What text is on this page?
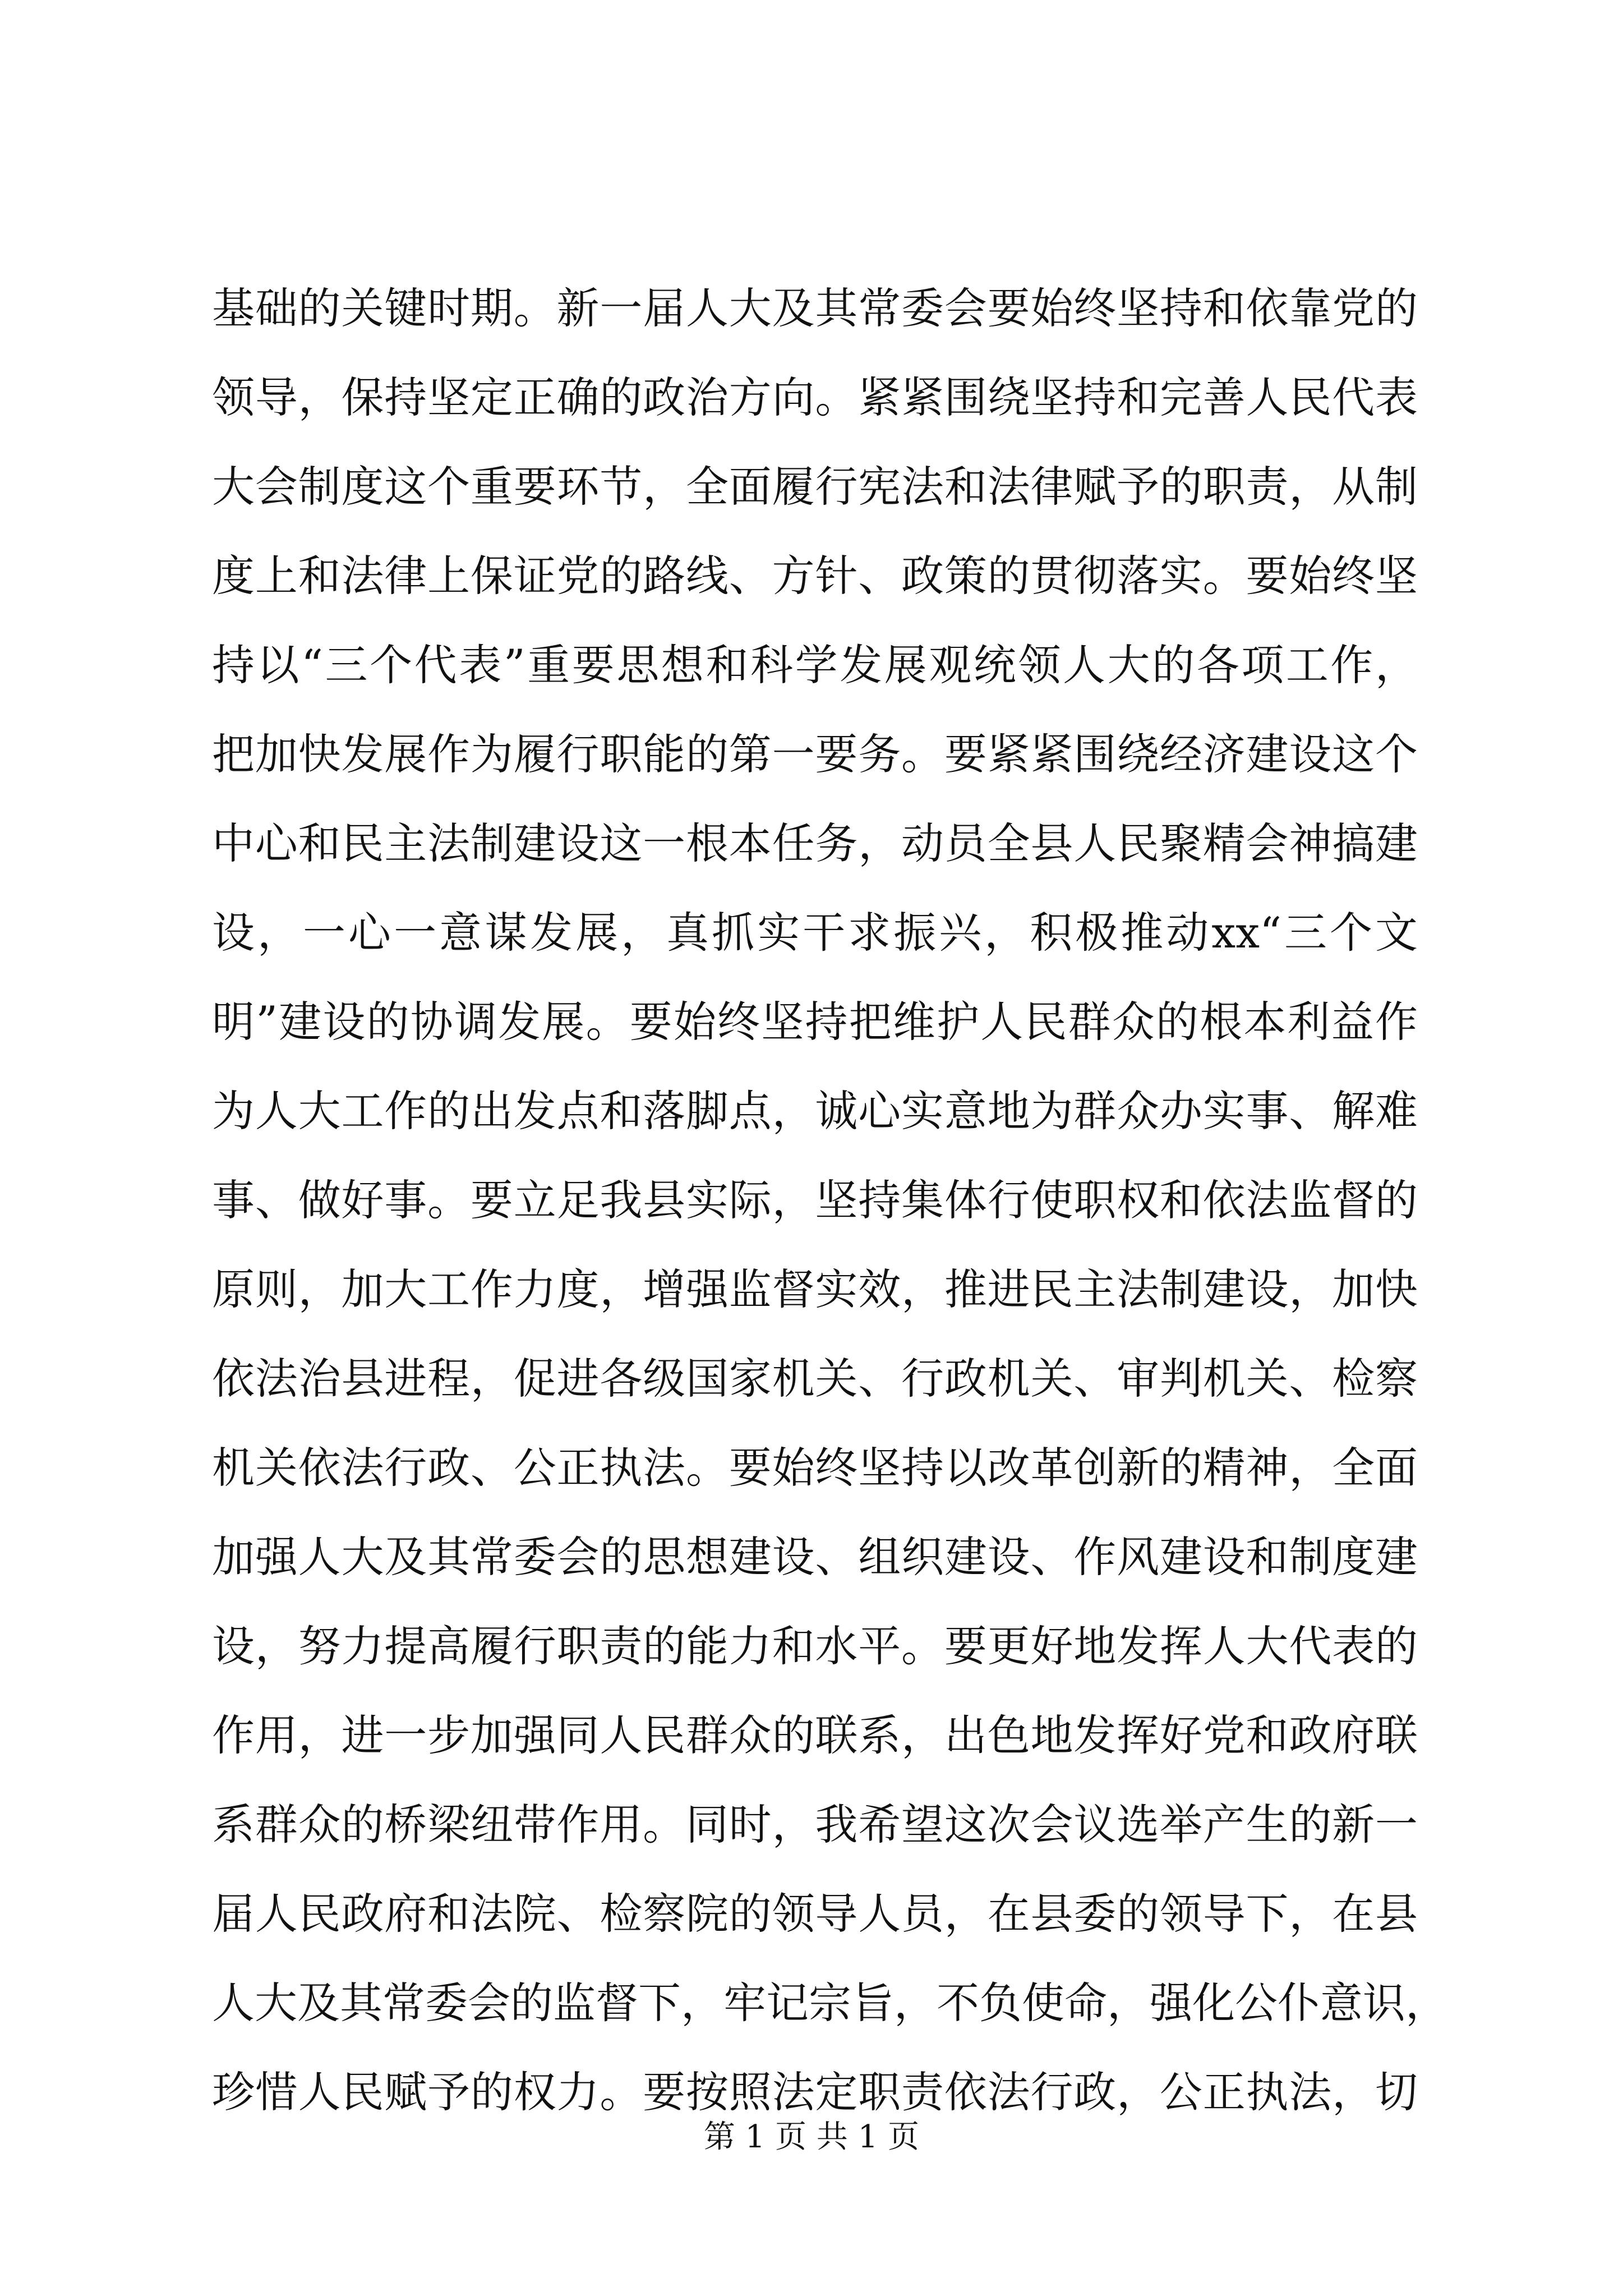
基础的关键时期。新一届人大及其常委会要始终坚持和依靠党的
领导，保持坚定正确的政治方向。紧紧围绕坚持和完善人民代表
大会制度这个重要环节，全面履行宪法和法律赋予的职责，从制
度上和法律上保证党的路线、方针、政策的贯彻落实。要始终坚
持以“三个代表”重要思想和科学发展观统领人大的各项工作，
把加快发展作为履行职能的第一要务。要紧紧围绕经济建设这个
中心和民主法制建设这一根本任务，动员全县人民聚精会神搞建
设，一心一意谋发展，真抓实干求振兴，积极推动xx“三个文
明”建设的协调发展。要始终坚持把维护人民群众的根本利益作
为人大工作的出发点和落脚点，诚心实意地为群众办实事、解难
事、做好事。要立足我县实际，坚持集体行使职权和依法监督的
原则，加大工作力度，增强监督实效，推进民主法制建设，加快
依法治县进程，促进各级国家机关、行政机关、审判机关、检察
机关依法行政、公正执法。要始终坚持以改革创新的精神，全面
加强人大及其常委会的思想建设、组织建设、作风建设和制度建
设，努力提高履行职责的能力和水平。要更好地发挥人大代表的
作用，进一步加强同人民群众的联系，出色地发挥好党和政府联
系群众的桥梁纽带作用。同时，我希望这次会议选举产生的新一
届人民政府和法院、检察院的领导人员，在县委的领导下，在县
人大及其常委会的监督下，牢记宗旨，不负使命，强化公仆意识，
珍惜人民赋予的权力。要按照法定职责依法行政，公正执法，切
第 1 页 共 1 页
